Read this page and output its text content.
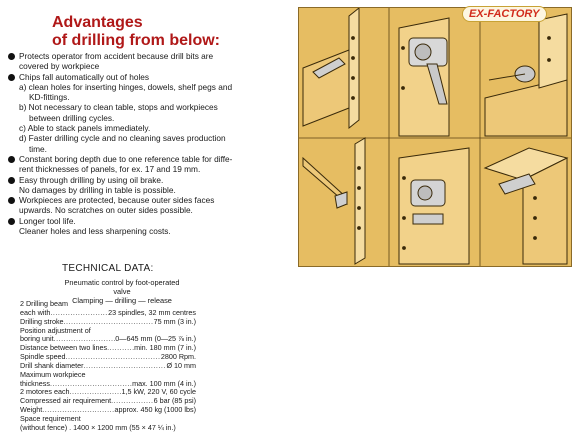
Advantages
of drilling from below:
Protects operator from accident because drill bits are
covered by workpiece
Chips fall automatically out of holes
a) clean holes for inserting hinges, dowels, shelf pegs and
KD-fittings.
b) Not necessary to clean table, stops and workpieces
between drilling cycles.
c) Able to stack panels immediately.
d) Faster drilling cycle and no cleaning saves production
time.
Constant boring depth due to one reference table for diffe-
rent thicknesses of panels, for ex. 17 and 19 mm.
Easy through drilling by using oil brake.
No damages by drilling in table is possible.
Workpieces are protected, because outer sides faces
upwards. No scratches on outer sides possible.
Longer tool life.
Cleaner holes and less sharpening costs.
TECHNICAL DATA:
Pneumatic control by foot-operated valve
Clamping — drilling — release
2 Drilling beam
each with .....	23 spindles, 32 mm centres
Drilling stroke .....	75 mm (3 in.)
Position adjustment of
boring unit .....	0—645 mm (0—25 ⅞ in.)
Distance between two lines .....	min. 180 mm (7 in.)
Spindle speed .....	2800 Rpm.
Drill shank diameter .....	Ø 10 mm
Maximum workpiece
thickness .....	max. 100 mm (4 in.)
2 motores each .....	1,5 kW, 220 V, 60 cycle
Compressed air requirement .....	6 bar (85 psi)
Weight .....	approx. 450 kg (1000 lbs)
Space requirement
(without fence) . 1400 × 1200 mm (55 × 47 ¼ in.)
EX-FACTORY
